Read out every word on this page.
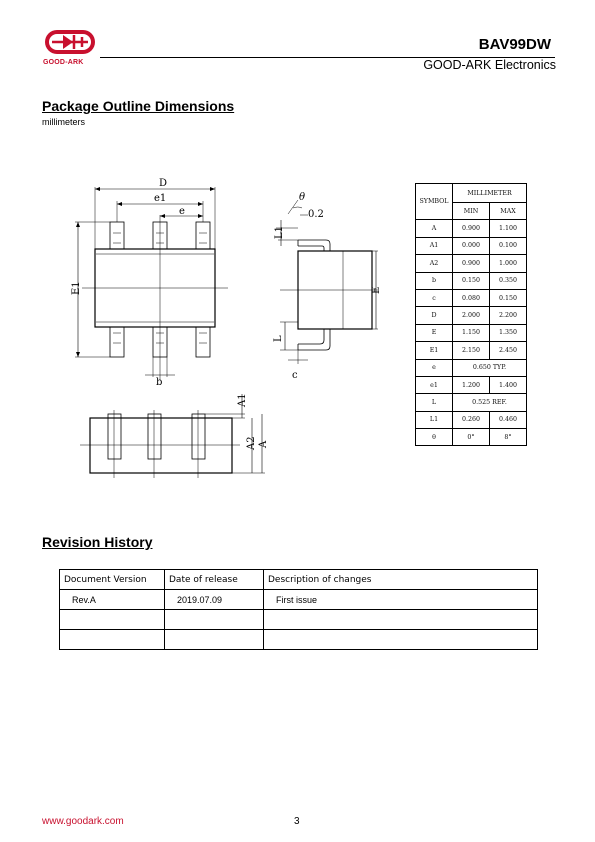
GOOD-ARK
BAV99DW
GOOD-ARK Electronics
Package Outline Dimensions
millimeters
D
e1
e
E1
b
θ
0.2
L1
L
c
E
A1
A2 A
SYMBOL	MILLIMETER	
	MIN	MAX
A	0.900	1.100
A1	0.000	0.100
A2	0.900	1.000
b	0.150	0.350
c	0.080	0.150
D	2.000	2.200
E	1.150	1.350
E1	2.150	2.450
e	0.650 TYP.	
e1	1.200	1.400
L	0.525 REF.	
L1	0.260	0.460
θ	0°	8°
Revision History
Document Version	Date of release	Description of changes
Rev.A	2019.07.09	First issue

www.goodark.com	3
